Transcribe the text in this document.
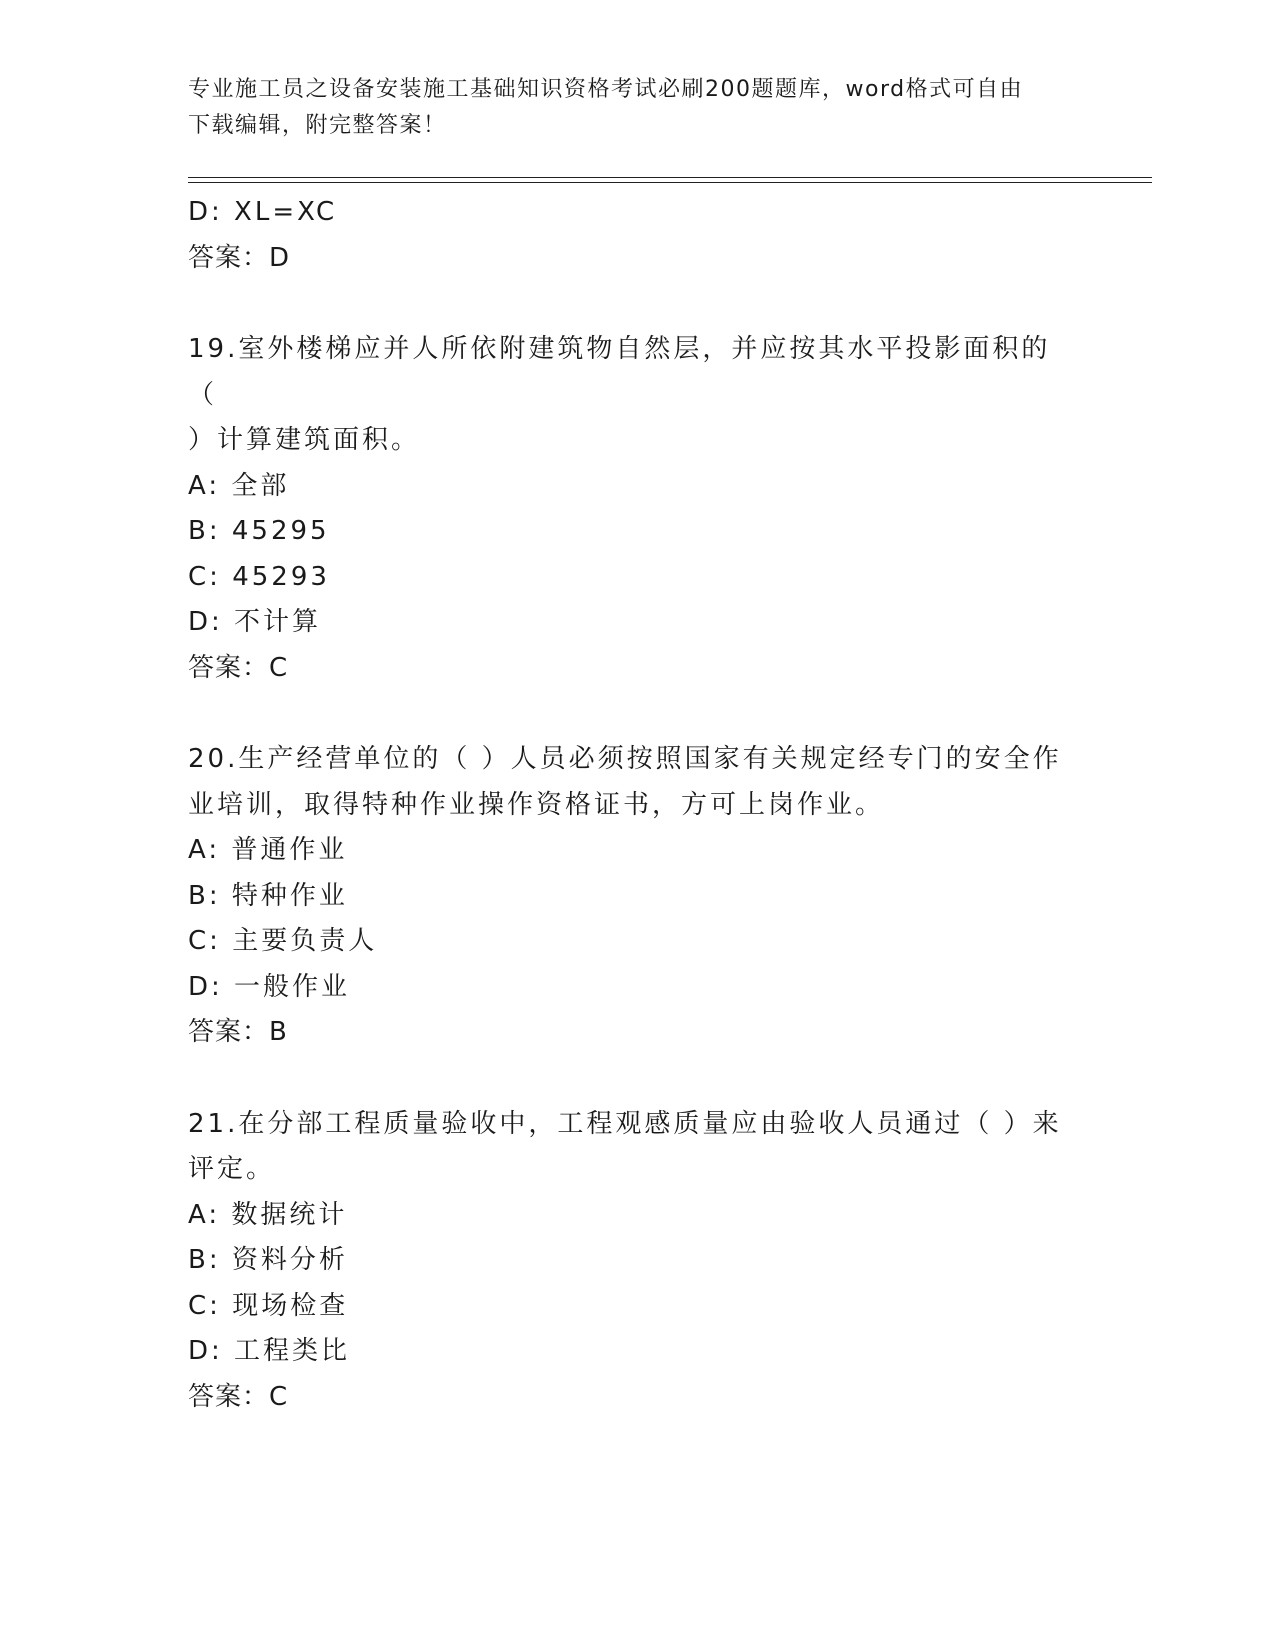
专业施工员之设备安装施工基础知识资格考试必刷200题题库，word格式可自由
下载编辑，附完整答案！
D: XL=XC
答案：D
19.室外楼梯应并人所依附建筑物自然层，并应按其水平投影面积的（
）计算建筑面积。
A: 全部
B: 45295
C: 45293
D: 不计算
答案：C
20.生产经营单位的（ ）人员必须按照国家有关规定经专门的安全作
业培训，取得特种作业操作资格证书，方可上岗作业。
A: 普通作业
B: 特种作业
C: 主要负责人
D: 一般作业
答案：B
21.在分部工程质量验收中，工程观感质量应由验收人员通过（ ）来
评定。
A: 数据统计
B: 资料分析
C: 现场检查
D: 工程类比
答案：C
